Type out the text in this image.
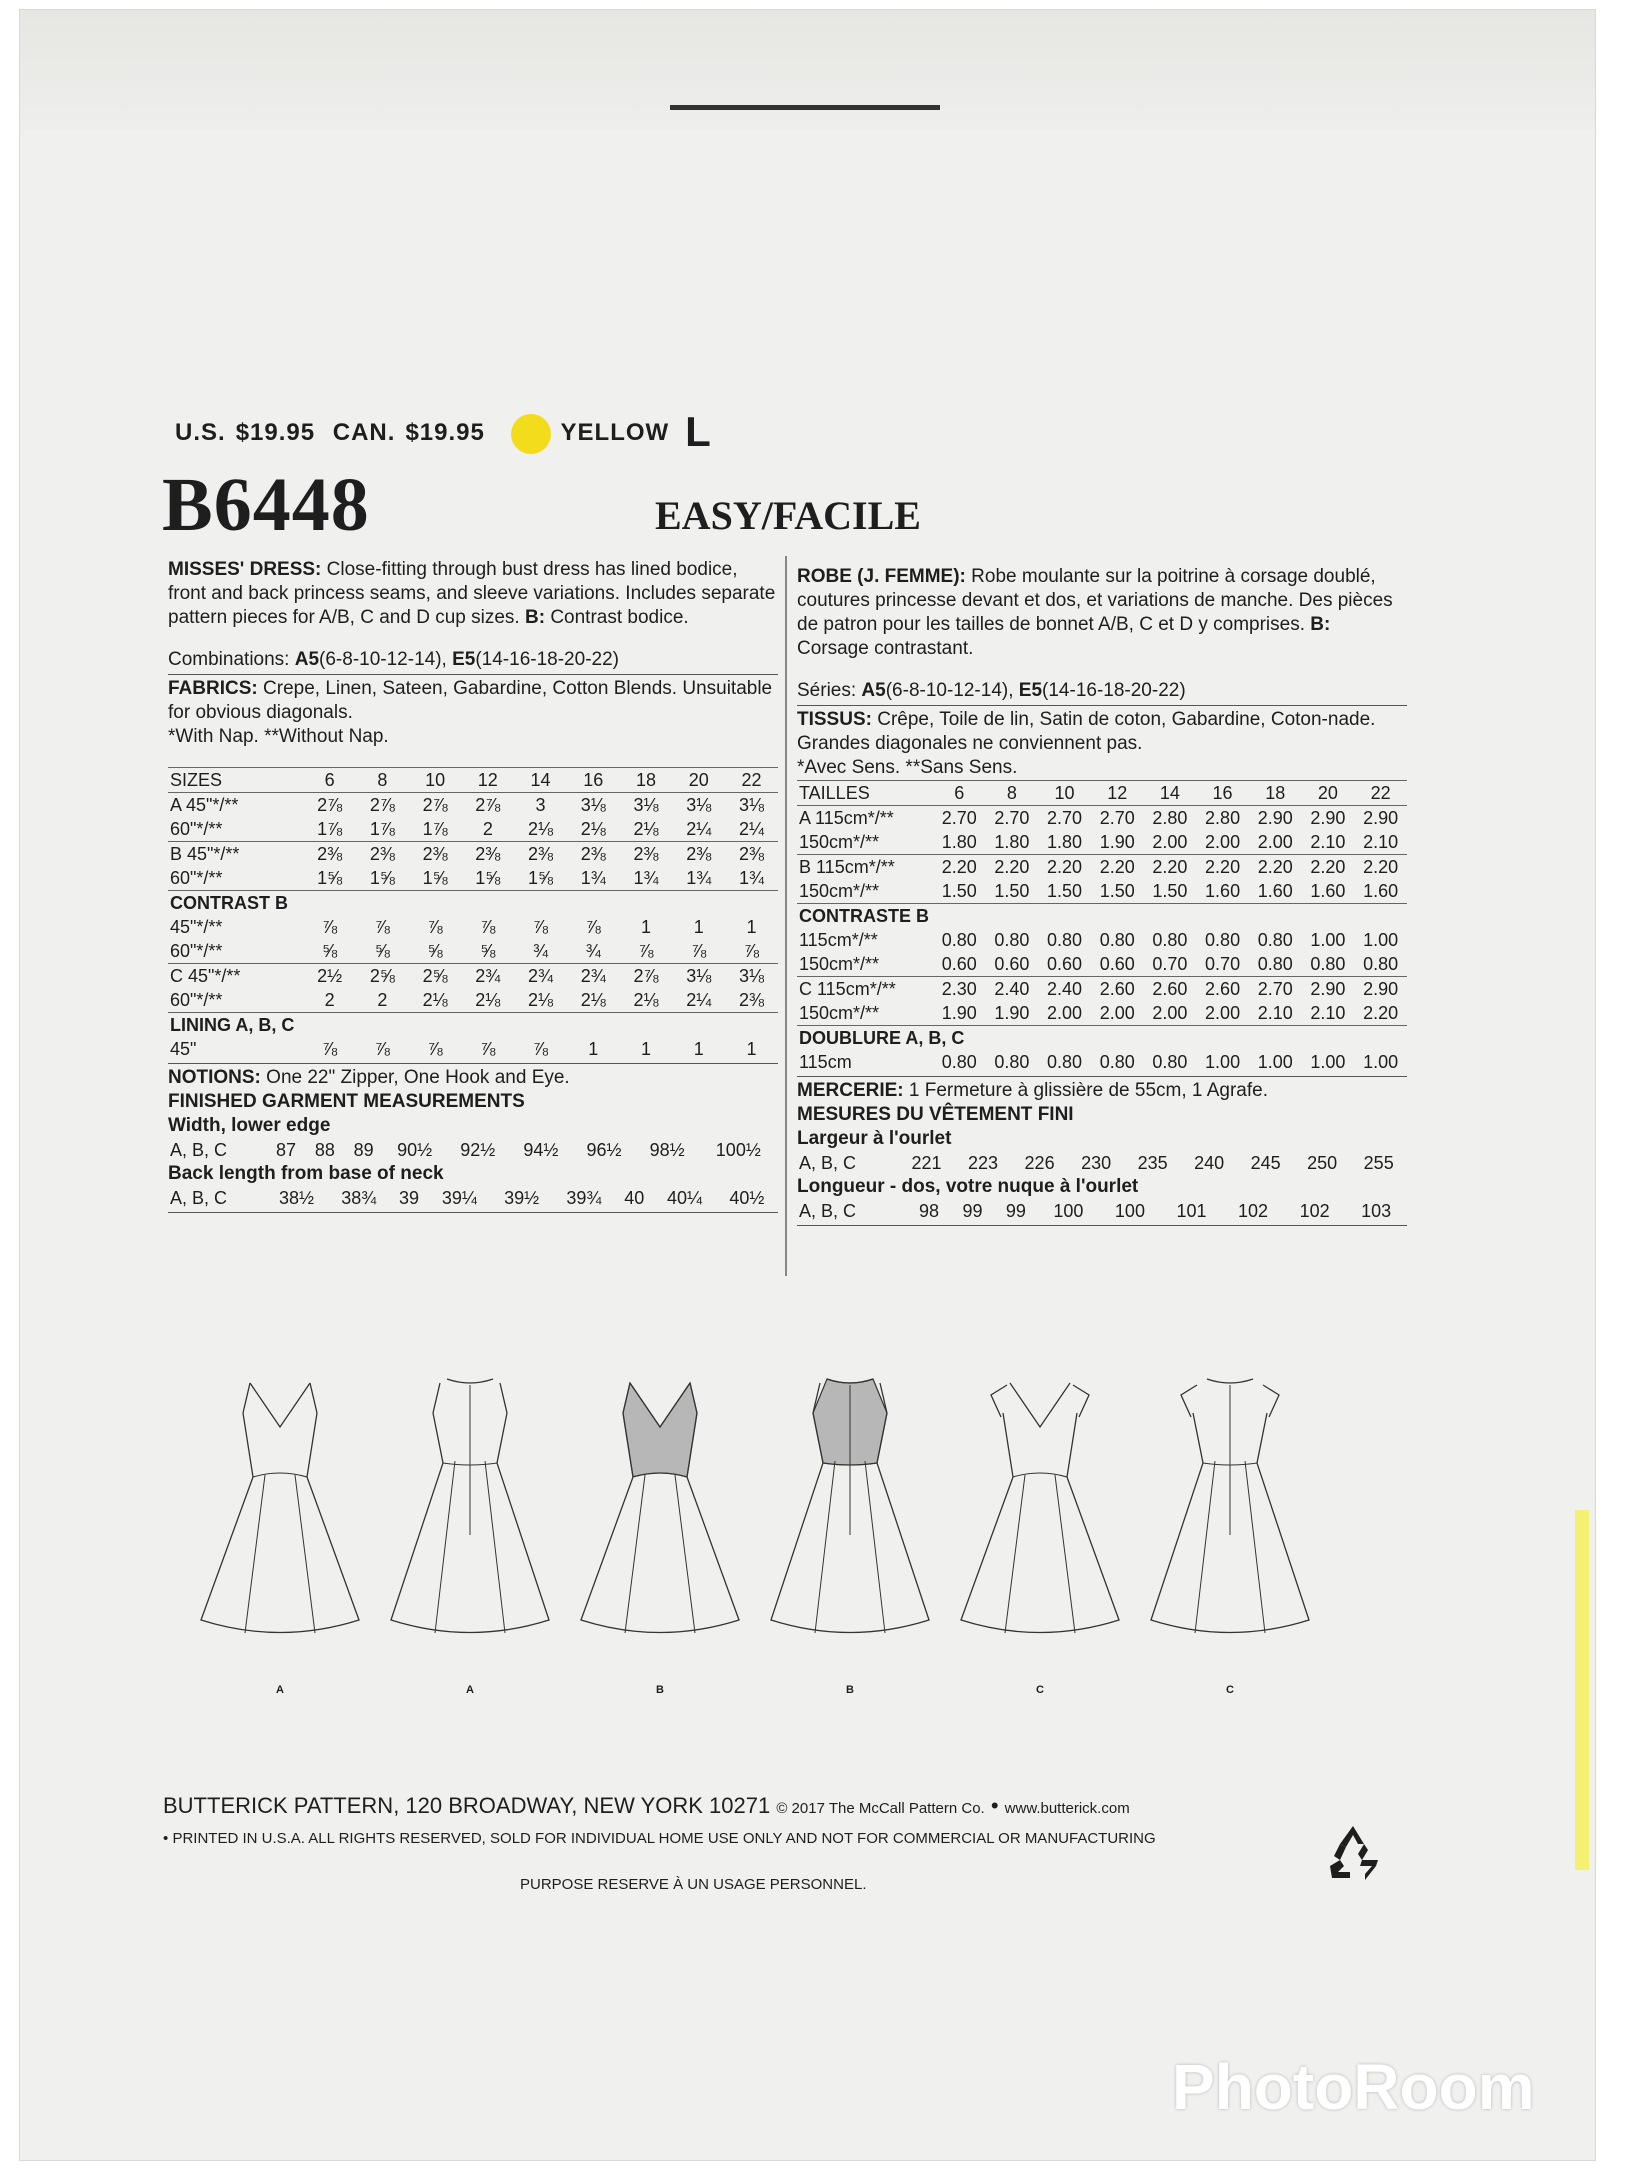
U.S. $19.95 CAN. $19.95	YELLOW L
B6448	EASY/FACILE
MISSES' DRESS: Close-fitting through bust dress has lined bodice, front and back princess seams, and sleeve variations. Includes separate pattern pieces for A/B, C and D cup sizes. B: Contrast bodice.
Combinations: A5(6-8-10-12-14), E5(14-16-18-20-22)
FABRICS: Crepe, Linen, Sateen, Gabardine, Cotton Blends. Unsuitable for obvious diagonals.
*With Nap. **Without Nap.
SIZES	6	8	10	12	14	16	18	20	22
A 45"*/**	2⅞	2⅞	2⅞	2⅞	3	3⅛	3⅛	3⅛	3⅛
60"*/**	1⅞	1⅞	1⅞	2	2⅛	2⅛	2⅛	2¼	2¼
B 45"*/**	2⅜	2⅜	2⅜	2⅜	2⅜	2⅜	2⅜	2⅜	2⅜
60"*/**	1⅝	1⅝	1⅝	1⅝	1⅝	1¾	1¾	1¾	1¾
CONTRAST B									
45"*/**	⅞	⅞	⅞	⅞	⅞	⅞	1	1	1
60"*/**	⅝	⅝	⅝	⅝	¾	¾	⅞	⅞	⅞
C 45"*/**	2½	2⅝	2⅝	2¾	2¾	2¾	2⅞	3⅛	3⅛
60"*/**	2	2	2⅛	2⅛	2⅛	2⅛	2⅛	2¼	2⅜
LINING A, B, C									
45"	⅞	⅞	⅞	⅞	⅞	1	1	1	1
NOTIONS: One 22" Zipper, One Hook and Eye.
FINISHED GARMENT MEASUREMENTS
Width, lower edge
A, B, C	87	88	89	90½	92½	94½	96½	98½	100½
Back length from base of neck
A, B, C	38½	38¾	39	39¼	39½	39¾	40	40¼	40½
ROBE (J. FEMME): Robe moulante sur la poitrine à corsage doublé, coutures princesse devant et dos, et variations de manche. Des pièces de patron pour les tailles de bonnet A/B, C et D y comprises. B: Corsage contrastant.
Séries: A5(6-8-10-12-14), E5(14-16-18-20-22)
TISSUS: Crêpe, Toile de lin, Satin de coton, Gabardine, Coton-nade.
Grandes diagonales ne conviennent pas.
*Avec Sens. **Sans Sens.
TAILLES	6	8	10	12	14	16	18	20	22
A 115cm*/**	2.70	2.70	2.70	2.70	2.80	2.80	2.90	2.90	2.90
150cm*/**	1.80	1.80	1.80	1.90	2.00	2.00	2.00	2.10	2.10
B 115cm*/**	2.20	2.20	2.20	2.20	2.20	2.20	2.20	2.20	2.20
150cm*/**	1.50	1.50	1.50	1.50	1.50	1.60	1.60	1.60	1.60
CONTRASTE B									
115cm*/**	0.80	0.80	0.80	0.80	0.80	0.80	0.80	1.00	1.00
150cm*/**	0.60	0.60	0.60	0.60	0.70	0.70	0.80	0.80	0.80
C 115cm*/**	2.30	2.40	2.40	2.60	2.60	2.60	2.70	2.90	2.90
150cm*/**	1.90	1.90	2.00	2.00	2.00	2.00	2.10	2.10	2.20
DOUBLURE A, B, C									
115cm	0.80	0.80	0.80	0.80	0.80	1.00	1.00	1.00	1.00
MERCERIE: 1 Fermeture à glissière de 55cm, 1 Agrafe.
MESURES DU VÊTEMENT FINI
Largeur à l'ourlet
A, B, C	221	223	226	230	235	240	245	250	255
Longueur - dos, votre nuque à l'ourlet
A, B, C	98	99	99	100	100	101	102	102	103
A	A	B	B	C	C
BUTTERICK PATTERN, 120 BROADWAY, NEW YORK 10271 © 2017 The McCall Pattern Co. • www.butterick.com
• PRINTED IN U.S.A. ALL RIGHTS RESERVED, SOLD FOR INDIVIDUAL HOME USE ONLY AND NOT FOR COMMERCIAL OR MANUFACTURING
PURPOSE RESERVE À UN USAGE PERSONNEL.
PhotoRoom
